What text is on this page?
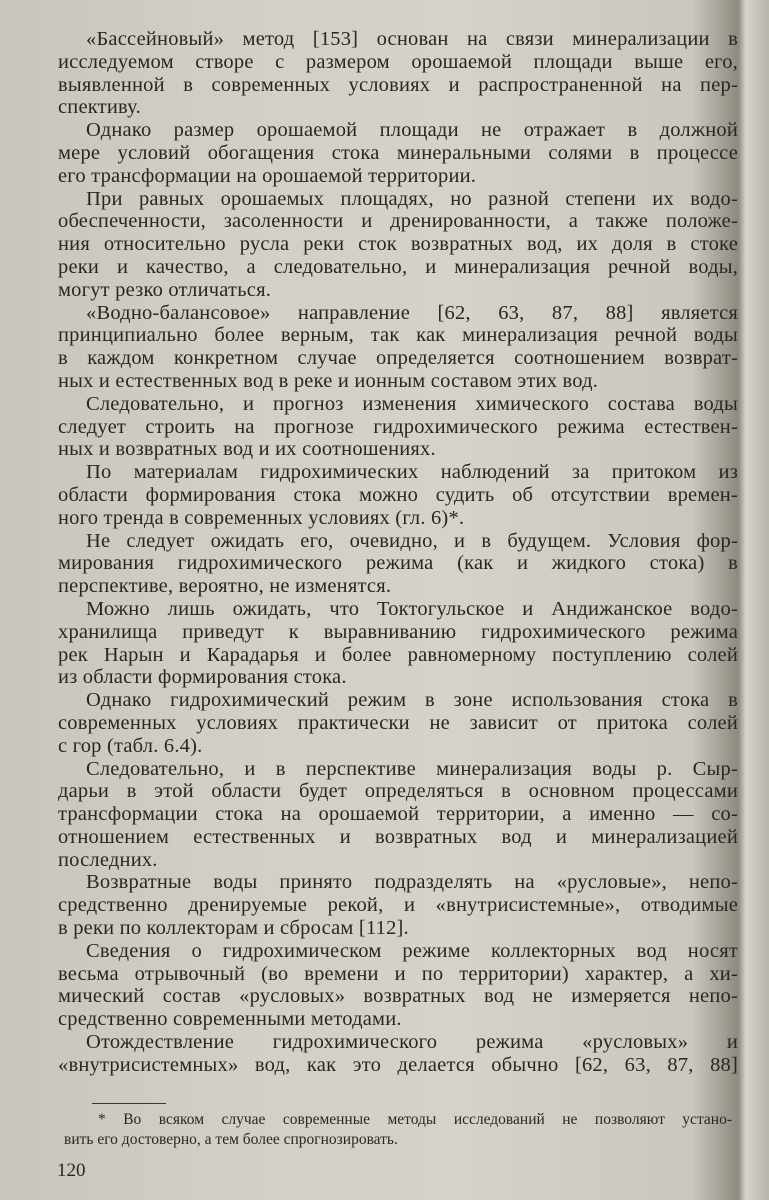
«Бассейновый» метод [153] основан на связи минерализации в
исследуемом створе с размером орошаемой площади выше его,
выявленной в современных условиях и распространенной на пер-
спективу.
Однако размер орошаемой площади не отражает в должной
мере условий обогащения стока минеральными солями в процессе
его трансформации на орошаемой территории.
При равных орошаемых площадях, но разной степени их водо-
обеспеченности, засоленности и дренированности, а также положе-
ния относительно русла реки сток возвратных вод, их доля в стоке
реки и качество, а следовательно, и минерализация речной воды,
могут резко отличаться.
«Водно-балансовое» направление [62, 63, 87, 88] является
принципиально более верным, так как минерализация речной воды
в каждом конкретном случае определяется соотношением возврат-
ных и естественных вод в реке и ионным составом этих вод.
Следовательно, и прогноз изменения химического состава воды
следует строить на прогнозе гидрохимического режима естествен-
ных и возвратных вод и их соотношениях.
По материалам гидрохимических наблюдений за притоком из
области формирования стока можно судить об отсутствии времен-
ного тренда в современных условиях (гл. 6)*.
Не следует ожидать его, очевидно, и в будущем. Условия фор-
мирования гидрохимического режима (как и жидкого стока) в
перспективе, вероятно, не изменятся.
Можно лишь ожидать, что Токтогульское и Андижанское водо-
хранилища приведут к выравниванию гидрохимического режима
рек Нарын и Карадарья и более равномерному поступлению солей
из области формирования стока.
Однако гидрохимический режим в зоне использования стока в
современных условиях практически не зависит от притока солей
с гор (табл. 6.4).
Следовательно, и в перспективе минерализация воды р. Сыр-
дарьи в этой области будет определяться в основном процессами
трансформации стока на орошаемой территории, а именно — со-
отношением естественных и возвратных вод и минерализацией
последних.
Возвратные воды принято подразделять на «русловые», непо-
средственно дренируемые рекой, и «внутрисистемные», отводимые
в реки по коллекторам и сбросам [112].
Сведения о гидрохимическом режиме коллекторных вод носят
весьма отрывочный (во времени и по территории) характер, а хи-
мический состав «русловых» возвратных вод не измеряется непо-
средственно современными методами.
Отождествление гидрохимического режима «русловых» и
«внутрисистемных» вод, как это делается обычно [62, 63, 87, 88]
* Во всяком случае современные методы исследований не позволяют устано-
вить его достоверно, а тем более спрогнозировать.
120
